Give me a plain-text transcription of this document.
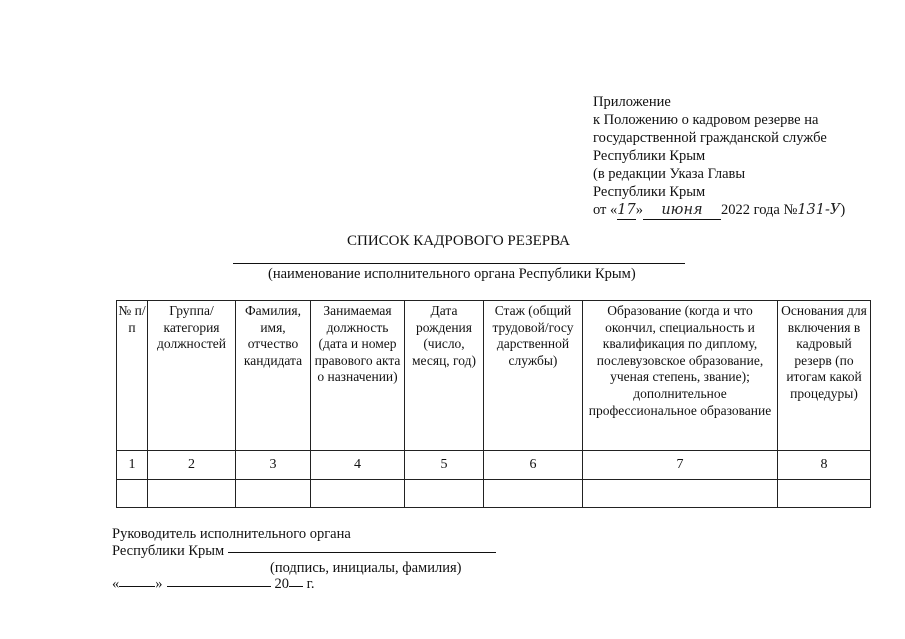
Приложение
к Положению о кадровом резерве на
государственной гражданской службе
Республики Крым
(в редакции Указа Главы
Республики Крым
от «17» июня 2022 года №131-У)
СПИСОК КАДРОВОГО РЕЗЕРВА
(наименование исполнительного органа Республики Крым)
№ п/п	Группа/ категория должностей	Фамилия, имя, отчество кандидата	Занимаемая должность (дата и номер правового акта о назначении)	Дата рождения (число, месяц, год)	Стаж (общий трудовой/госу дарственной службы)	Образование (когда и что окончил, специальность и квалификация по диплому, послевузовское образование, ученая степень, звание); дополнительное профессиональное образование	Основания для включения в кадровый резерв (по итогам какой процедуры)
1	2	3	4	5	6	7	8

Руководитель исполнительного органа
Республики Крым
(подпись, инициалы, фамилия)
« »	20 г.
